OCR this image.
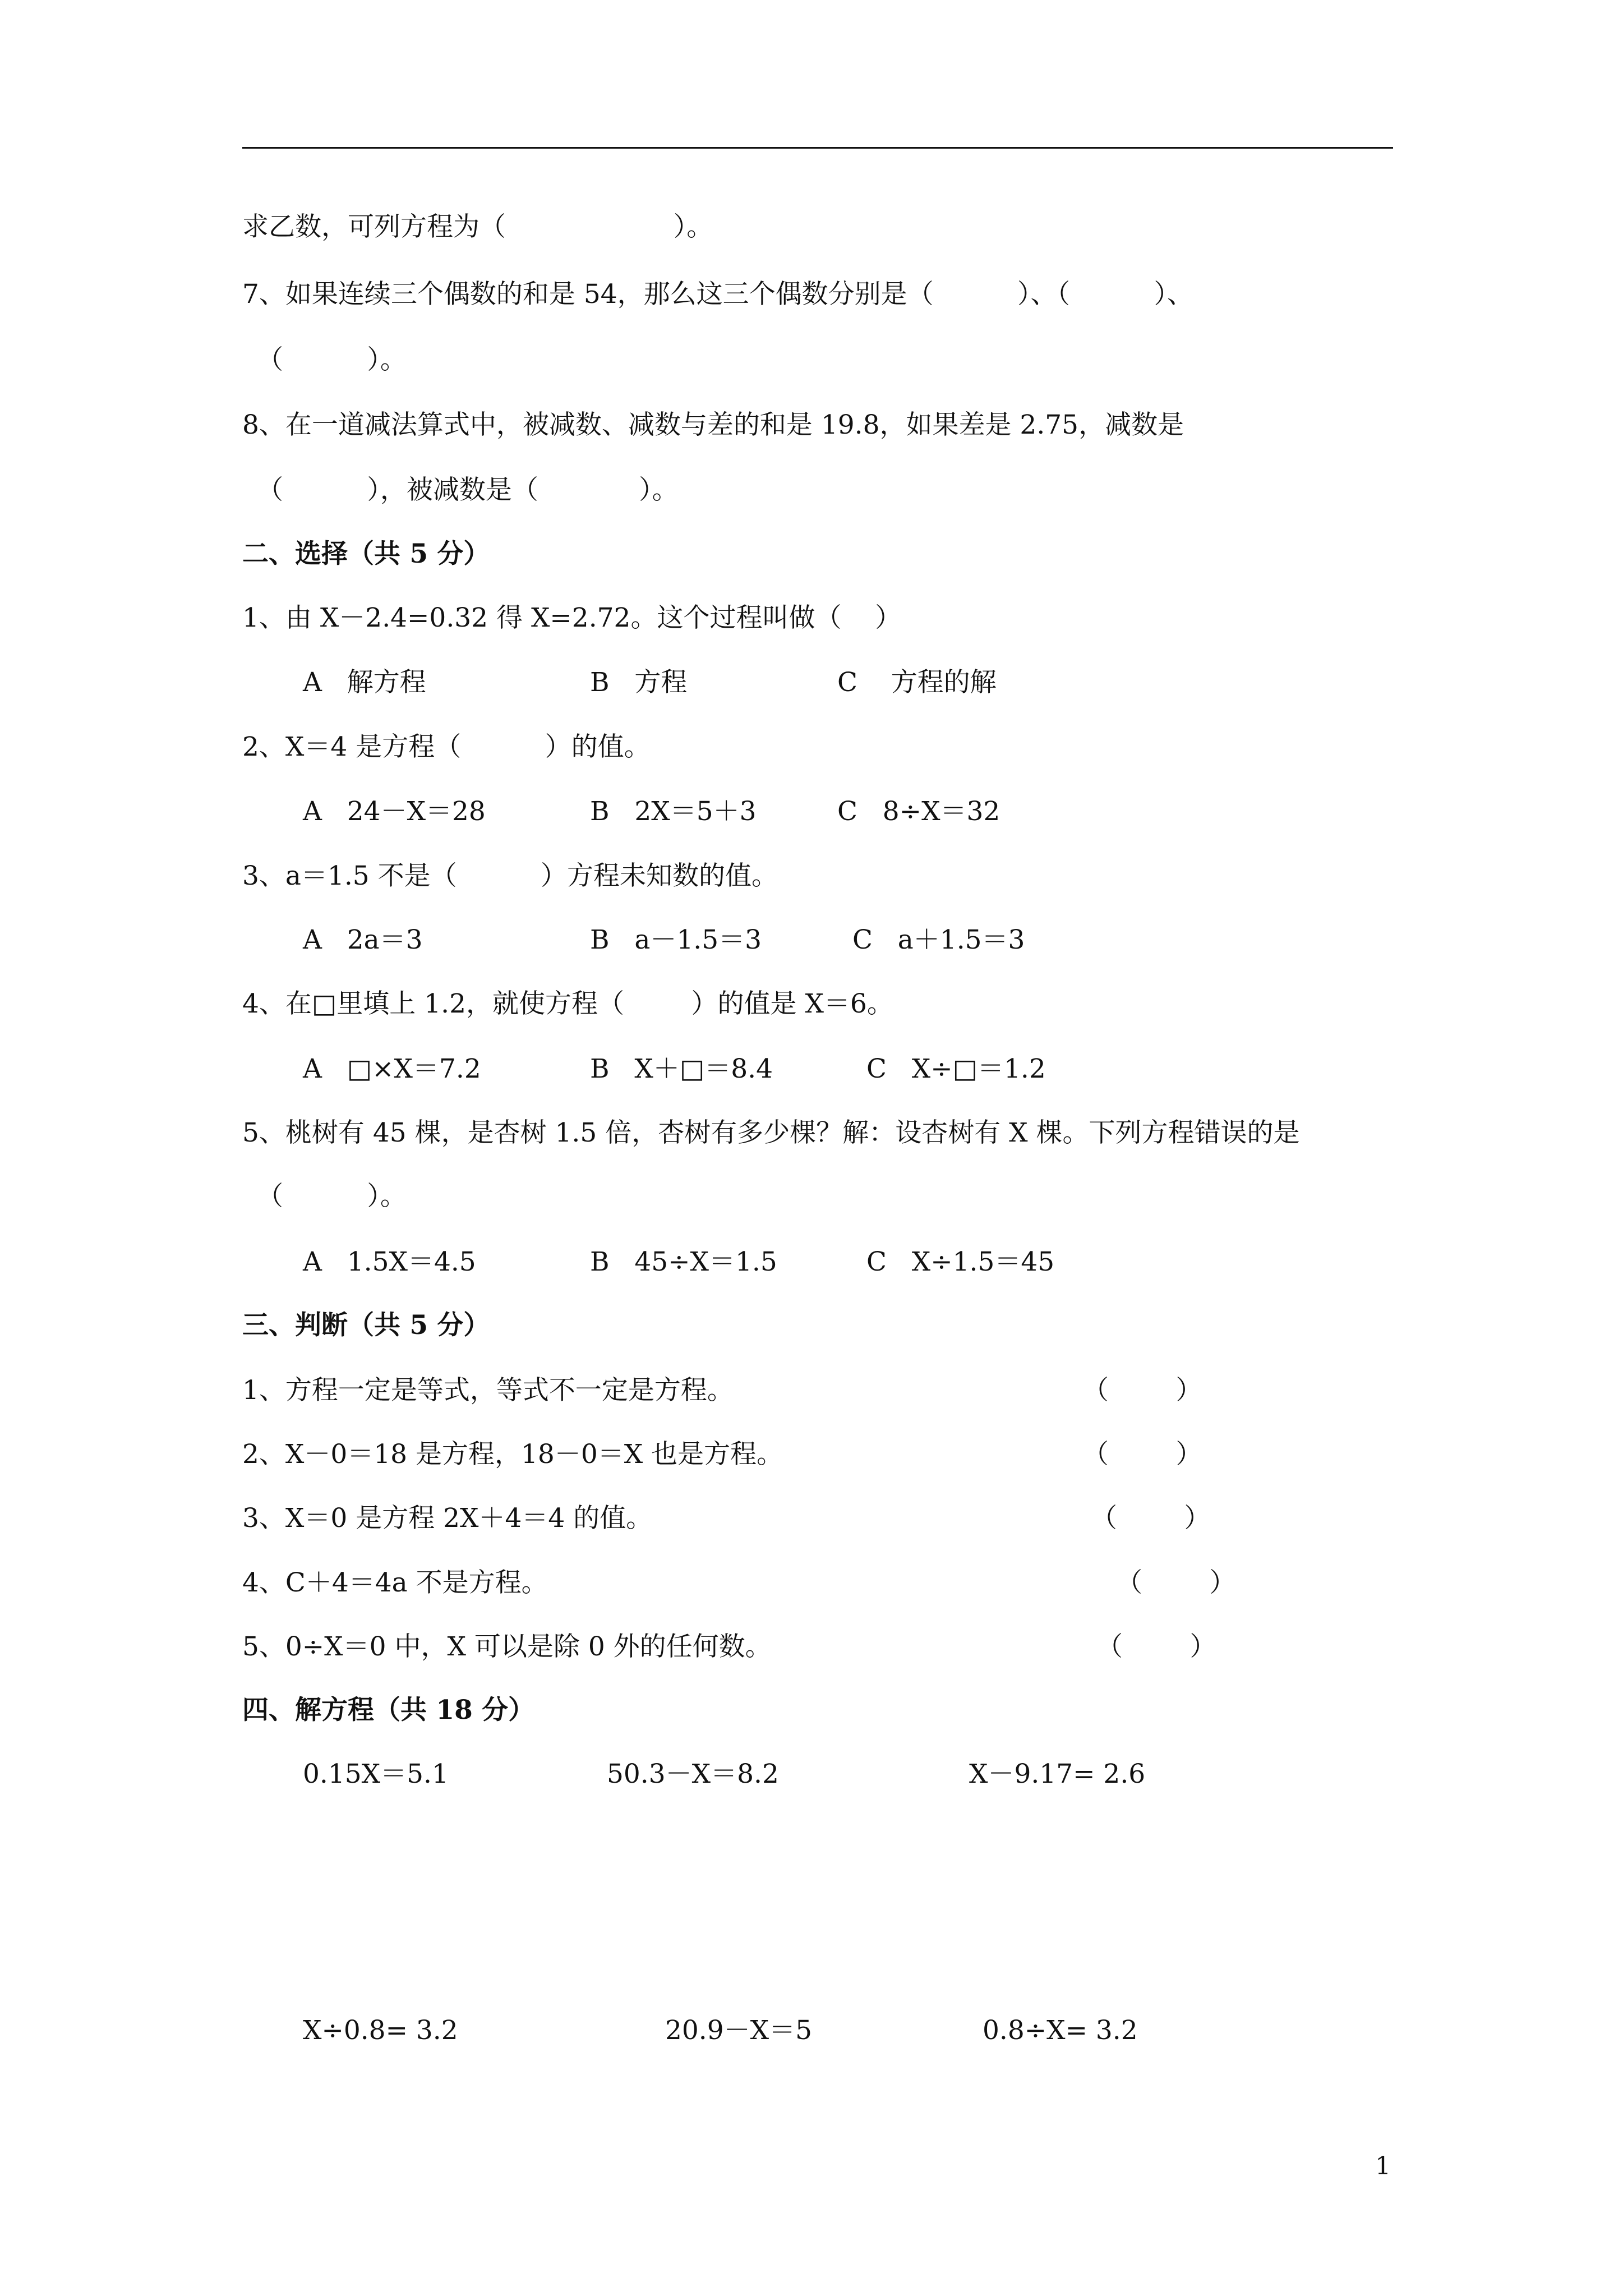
求乙数，可列方程为（                    ）。
7、如果连续三个偶数的和是 54，那么这三个偶数分别是（          ）、（          ）、
（          ）。
8、在一道减法算式中，被减数、减数与差的和是 19.8，如果差是 2.75，减数是
（          ），被减数是（            ）。
二、选择（共 5 分）
1、由 X－2.4=0.32 得 X=2.72。这个过程叫做（    ）
A   解方程	B   方程	C    方程的解
2、X＝4 是方程（          ）的值。
A   24－X＝28	B   2X＝5＋3	C   8÷X＝32
3、a＝1.5 不是（          ）方程未知数的值。
A   2a＝3	B   a－1.5＝3	C   a＋1.5＝3
4、在□里填上 1.2，就使方程（        ）的值是 X＝6。
A   □×X＝7.2	B   X＋□＝8.4	C   X÷□＝1.2
5、桃树有 45 棵，是杏树 1.5 倍，杏树有多少棵？解：设杏树有 X 棵。下列方程错误的是
（          ）。
A   1.5X＝4.5	B   45÷X＝1.5	C   X÷1.5＝45
三、判断（共 5 分）
1、方程一定是等式，等式不一定是方程。	（        ）
2、X－0＝18 是方程，18－0＝X 也是方程。	（        ）
3、X＝0 是方程 2X＋4＝4 的值。	（        ）
4、C＋4＝4a 不是方程。	（        ）
5、0÷X＝0 中，X 可以是除 0 外的任何数。	（        ）
四、解方程（共 18 分）
0.15X＝5.1	50.3－X＝8.2	X－9.17= 2.6
X÷0.8= 3.2	20.9－X＝5	0.8÷X= 3.2
1
